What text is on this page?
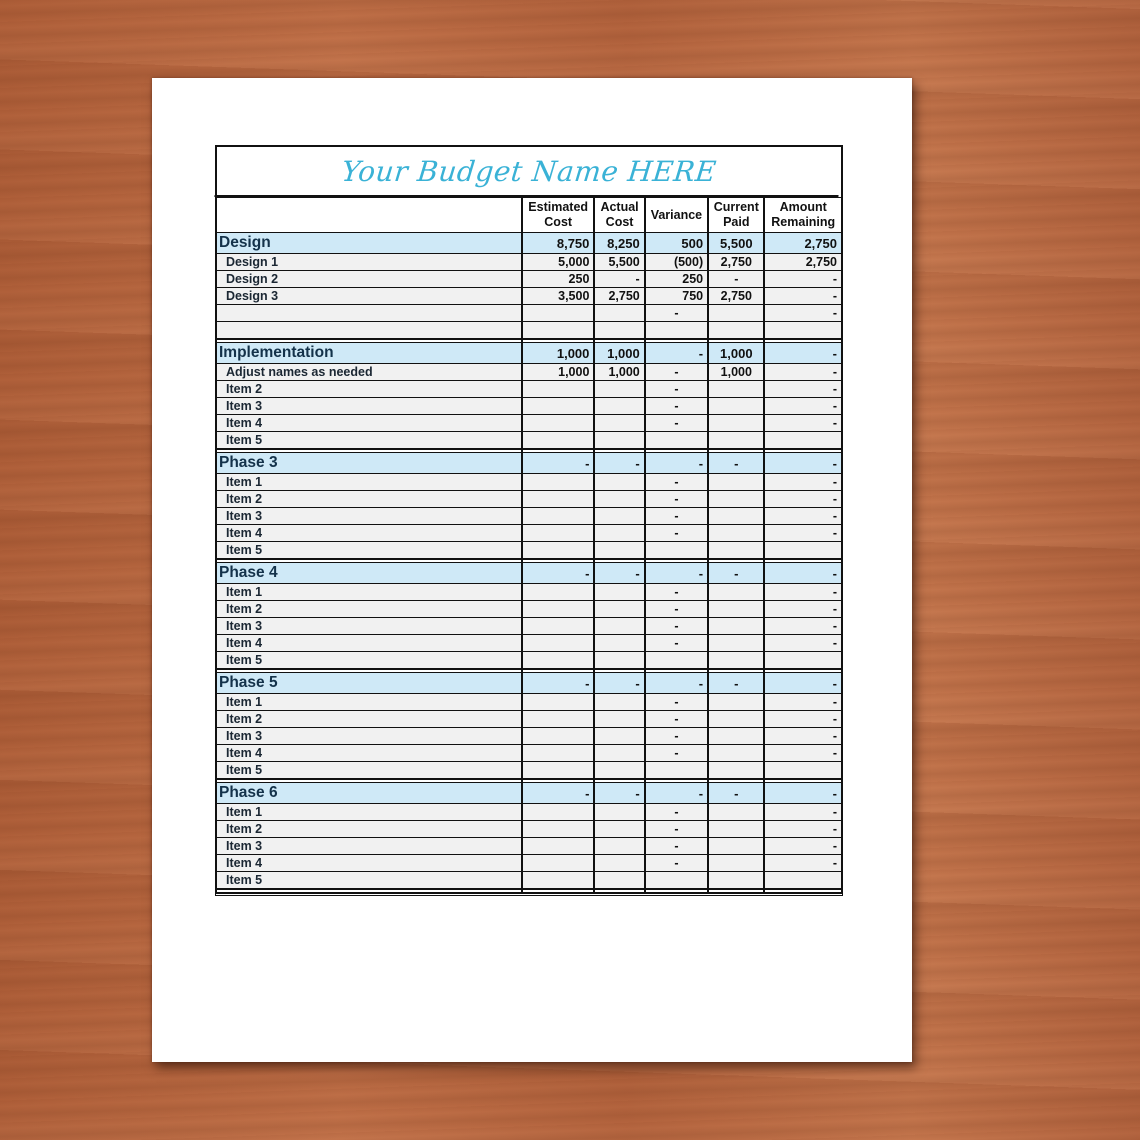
Your Budget Name HERE
	Estimated Cost	Actual Cost	Variance	Current Paid	Amount Remaining
Design	8,750	8,250	500	5,500	2,750
Design 1	5,000	5,500	(500)	2,750	2,750
Design 2	250	-	250	-	-
Design 3	3,500	2,750	750	2,750	-
			-		-

Implementation	1,000	1,000	-	1,000	-
Adjust names as needed	1,000	1,000	-	1,000	-
Item 2			-		-
Item 3			-		-
Item 4			-		-
Item 5					

Phase 3	-	-	-	-	-
Item 1			-		-
Item 2			-		-
Item 3			-		-
Item 4			-		-
Item 5					

Phase 4	-	-	-	-	-
Item 1			-		-
Item 2			-		-
Item 3			-		-
Item 4			-		-
Item 5					

Phase 5	-	-	-	-	-
Item 1			-		-
Item 2			-		-
Item 3			-		-
Item 4			-		-
Item 5					

Phase 6	-	-	-	-	-
Item 1			-		-
Item 2			-		-
Item 3			-		-
Item 4			-		-
Item 5					
